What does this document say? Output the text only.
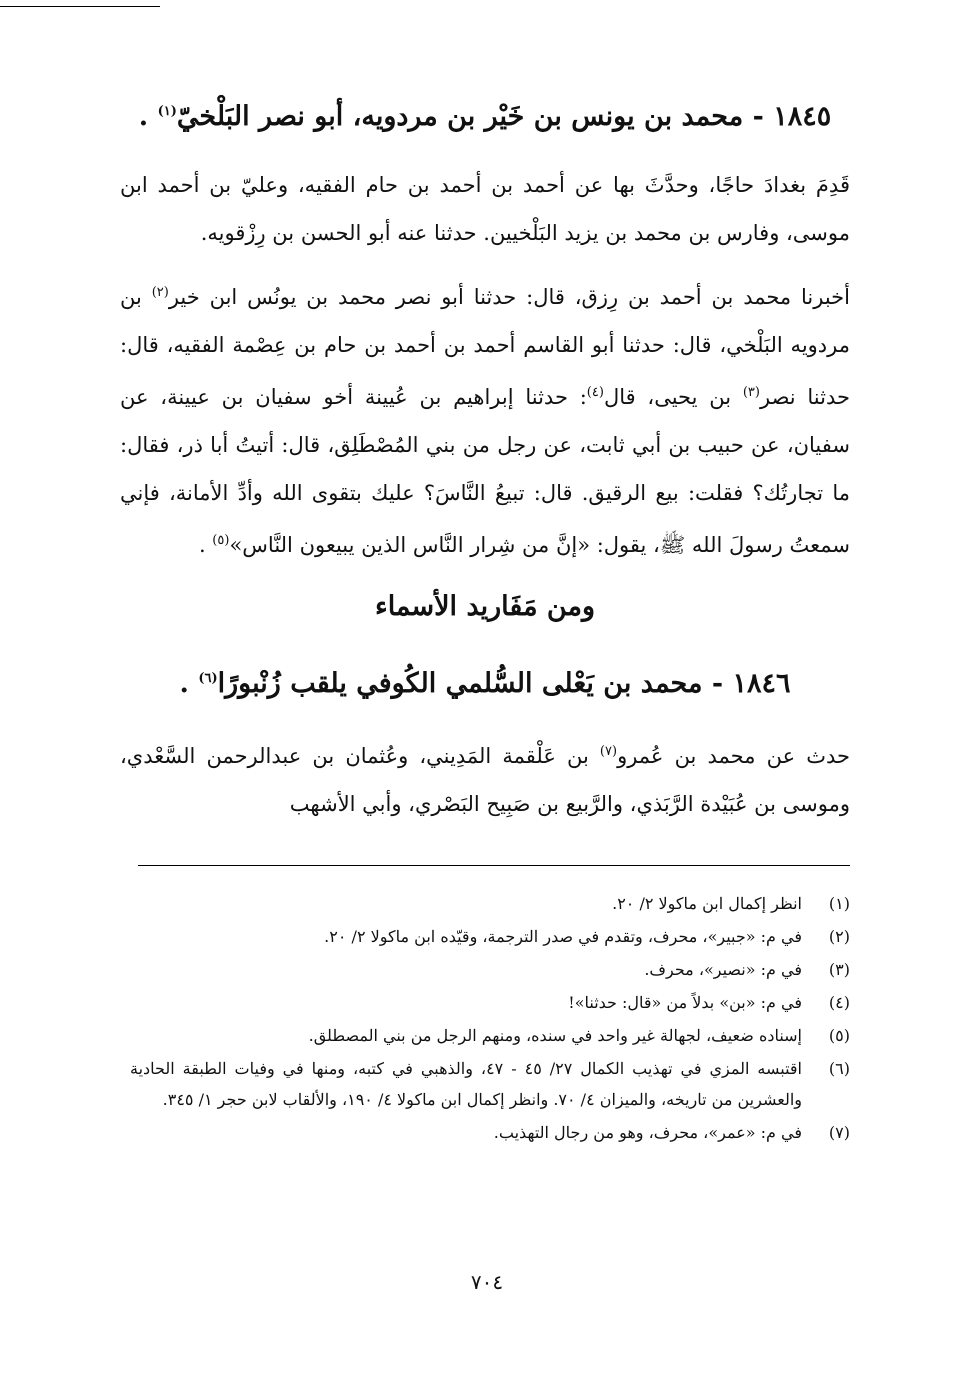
١٨٤٥ - محمد بن يونس بن خَيْر بن مردويه، أبو نصر البَلْخيّ$^{(١)}$ .

قَدِمَ بغدادَ حاجًا، وحدَّثَ بها عن أحمد بن أحمد بن حام الفقيه، وعليّ بن أحمد ابن موسى، وفارس بن محمد بن يزيد البَلْخيين. حدثنا عنه أبو الحسن بن رِزْقويه.

أخبرنا محمد بن أحمد بن رِزق، قال: حدثنا أبو نصر محمد بن يونُس ابن خير$^{(٢)}$ بن مردويه البَلْخي، قال: حدثنا أبو القاسم أحمد بن أحمد بن حام بن عِصْمة الفقيه، قال: حدثنا نصر$^{(٣)}$ بن يحيى، قال$^{(٤)}$: حدثنا إبراهيم بن عُيينة أخو سفيان بن عيينة، عن سفيان، عن حبيب بن أبي ثابت، عن رجل من بني المُصْطَلِق، قال: أتيتُ أبا ذر، فقال: ما تجارتُك؟ فقلت: بيع الرقيق. قال: تبيعُ النَّاسَ؟ عليك بتقوى الله وأدِّ الأمانة، فإني سمعتُ رسولَ الله ﷺ، يقول: «إنَّ من شِرار النَّاس الذين يبيعون النَّاس»$^{(٥)}$ .

ومن مَفَاريد الأسماء
١٨٤٦ - محمد بن يَعْلى السُّلمي الكُوفي يلقب زُنْبورًا$^{(٦)}$ .

حدث عن محمد بن عُمرو$^{(٧)}$ بن عَلْقمة المَدِيني، وعُثمان بن عبدالرحمن السَّعْدي، وموسى بن عُبَيْدة الرَّبَذي، والرَّبيع بن صَبِيح البَصْري، وأبي الأشهب

(١)
انظر إكمال ابن ماكولا ٢/ ٢٠.
(٢)
في م: «جبير»، محرف، وتقدم في صدر الترجمة، وقيّده ابن ماكولا ٢/ ٢٠.
(٣)
في م: «نصير»، محرف.
(٤)
في م: «بن» بدلاً من «قال: حدثنا»!
(٥)
إسناده ضعيف، لجهالة غير واحد في سنده، ومنهم الرجل من بني المصطلق.
(٦)
اقتبسه المزي في تهذيب الكمال ٢٧/ ٤٥ - ٤٧، والذهبي في كتبه، ومنها في وفيات الطبقة الحادية والعشرين من تاريخه، والميزان ٤/ ٧٠. وانظر إكمال ابن ماكولا ٤/ ١٩٠، والألقاب لابن حجر ١/ ٣٤٥.
(٧)
في م: «عمر»، محرف، وهو من رجال التهذيب.
٧٠٤
